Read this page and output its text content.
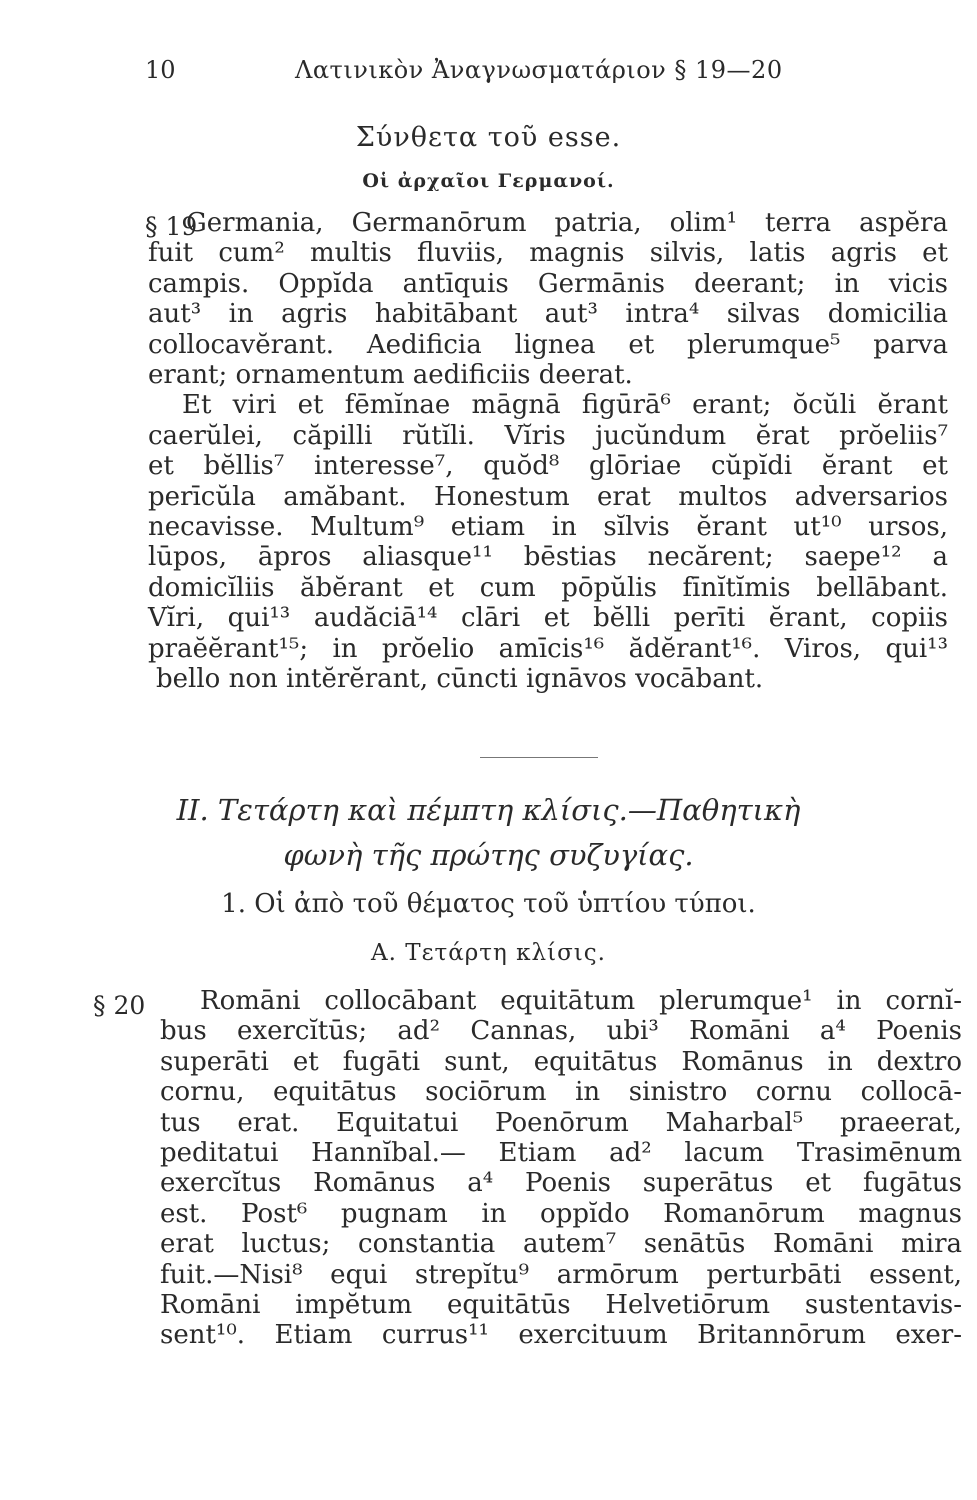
10	Λατινικὸν Ἀναγνωσματάριον § 19—20
Σύνθετα τοῦ esse.
Οἱ ἀρχαῖοι Γερμανοί.
§ 19
Germania, Germanōrum patria, olim¹ terra aspĕra
fuit cum² multis fluviis, magnis silvis, latis agris et
campis. Oppĭda antīquis Germānis deerant; in vicis
aut³ in agris habitābant aut³ intra⁴ silvas domicilia
collocavĕrant. Aedificia lignea et plerumque⁵ parva
erant; ornamentum aedificiis deerat.
Et viri et fēmĭnae māgnā figūrā⁶ erant; ŏcŭli ĕrant
caerŭlei, căpilli rŭtĭli. Vĭris jucŭndum ĕrat prŏeliis⁷
et bĕllis⁷ interesse⁷, quŏd⁸ glōriae cŭpĭdi ĕrant et
perīcŭla amăbant. Honestum erat multos adversarios
necavisse. Multum⁹ etiam in sĭlvis ĕrant ut¹⁰ ursos,
lūpos, āpros aliasque¹¹ bēstias necărent; saepe¹² a
domicĭliis ăbĕrant et cum pōpŭlis fīnĭtĭmis bellābant.
Vĭri, qui¹³ audăciā¹⁴ clāri et bĕlli perīti ĕrant, copiis
praĕĕrant¹⁵; in prŏelio amīcis¹⁶ ădĕrant¹⁶. Viros, qui¹³
bello non intĕrĕrant, cūncti ignāvos vocābant.
II. Τετάρτη καὶ πέμπτη κλίσις.—Παθητικὴ
φωνὴ τῆς πρώτης συζυγίας.
1. Οἱ ἀπὸ τοῦ θέματος τοῦ ὑπτίου τύποι.
Α. Τετάρτη κλίσις.
§ 20	Romāni collocābant equitātum plerumque¹ in cornĭ-
bus exercĭtūs; ad² Cannas, ubi³ Romāni a⁴ Poenis
superāti et fugāti sunt, equitātus Romānus in dextro
cornu, equitātus sociōrum in sinistro cornu collocā-
tus erat. Equitatui Poenōrum Maharbal⁵ praeerat,
peditatui Hannĭbal.— Etiam ad² lacum Trasimēnum
exercĭtus Romānus a⁴ Poenis superātus et fugātus
est. Post⁶ pugnam in oppĭdo Romanōrum magnus
erat luctus; constantia autem⁷ senātūs Romāni mira
fuit.—Nisi⁸ equi strepĭtu⁹ armōrum perturbāti essent,
Romāni impĕtum equitātūs Helvetiōrum sustentavis-
sent¹⁰. Etiam currus¹¹ exercituum Britannōrum exer-
